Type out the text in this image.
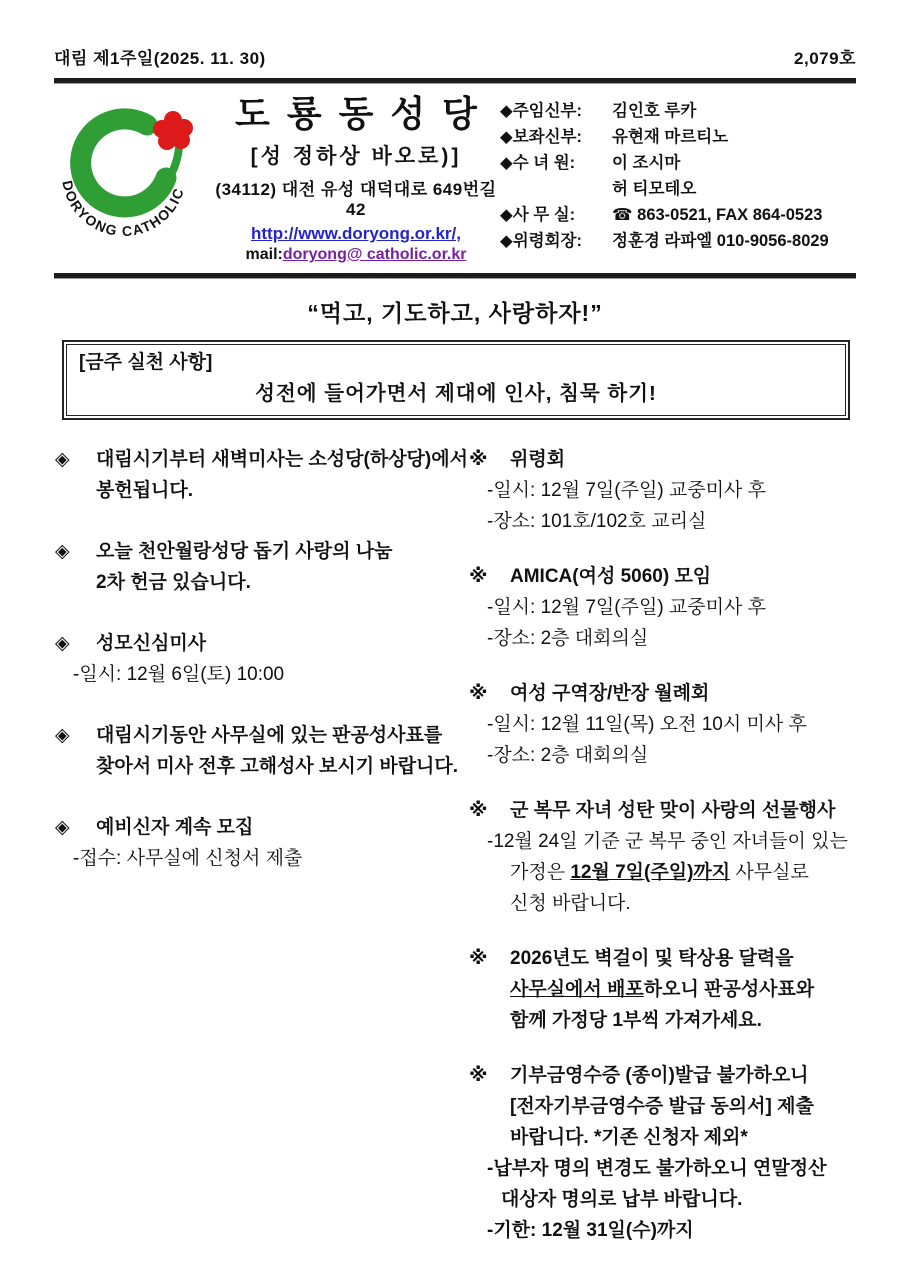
대림 제1주일(2025. 11. 30)	2,079호
DORYONG CATHOLIC
도룡동성당
[성 정하상 바오로)]
(34112) 대전 유성 대덕대로 649번길 42
http://www.doryong.or.kr/,
mail:doryong@ catholic.or.kr
◆주임신부: 김인호 루카
◆보좌신부: 유현재 마르티노
◆수 녀 원: 이 조시마
허 티모테오
◆사 무 실: ☎ 863-0521, FAX 864-0523
◆위령회장: 정훈경 라파엘 010-9056-8029
“먹고, 기도하고, 사랑하자!”
[금주 실천 사항]
성전에 들어가면서 제대에 인사, 침묵 하기!
◈ 대림시기부터 새벽미사는 소성당(하상당)에서
봉헌됩니다.
◈ 오늘 천안월랑성당 돕기 사랑의 나눔
2차 헌금 있습니다.
◈ 성모신심미사
-일시: 12월 6일(토) 10:00
◈ 대림시기동안 사무실에 있는 판공성사표를
찾아서 미사 전후 고해성사 보시기 바랍니다.
◈ 예비신자 계속 모집
-접수: 사무실에 신청서 제출
※ 위령회
-일시: 12월 7일(주일) 교중미사 후
-장소: 101호/102호 교리실
※ AMICA(여성 5060) 모임
-일시: 12월 7일(주일) 교중미사 후
-장소: 2층 대회의실
※ 여성 구역장/반장 월례회
-일시: 12월 11일(목) 오전 10시 미사 후
-장소: 2층 대회의실
※ 군 복무 자녀 성탄 맞이 사랑의 선물행사
-12월 24일 기준 군 복무 중인 자녀들이 있는
가정은 12월 7일(주일)까지 사무실로
신청 바랍니다.
※ 2026년도 벽걸이 및 탁상용 달력을
사무실에서 배포하오니 판공성사표와
함께 가정당 1부씩 가져가세요.
※ 기부금영수증 (종이)발급 불가하오니
[전자기부금영수증 발급 동의서] 제출
바랍니다. *기존 신청자 제외*
-납부자 명의 변경도 불가하오니 연말정산
대상자 명의로 납부 바랍니다.
-기한: 12월 31일(수)까지
